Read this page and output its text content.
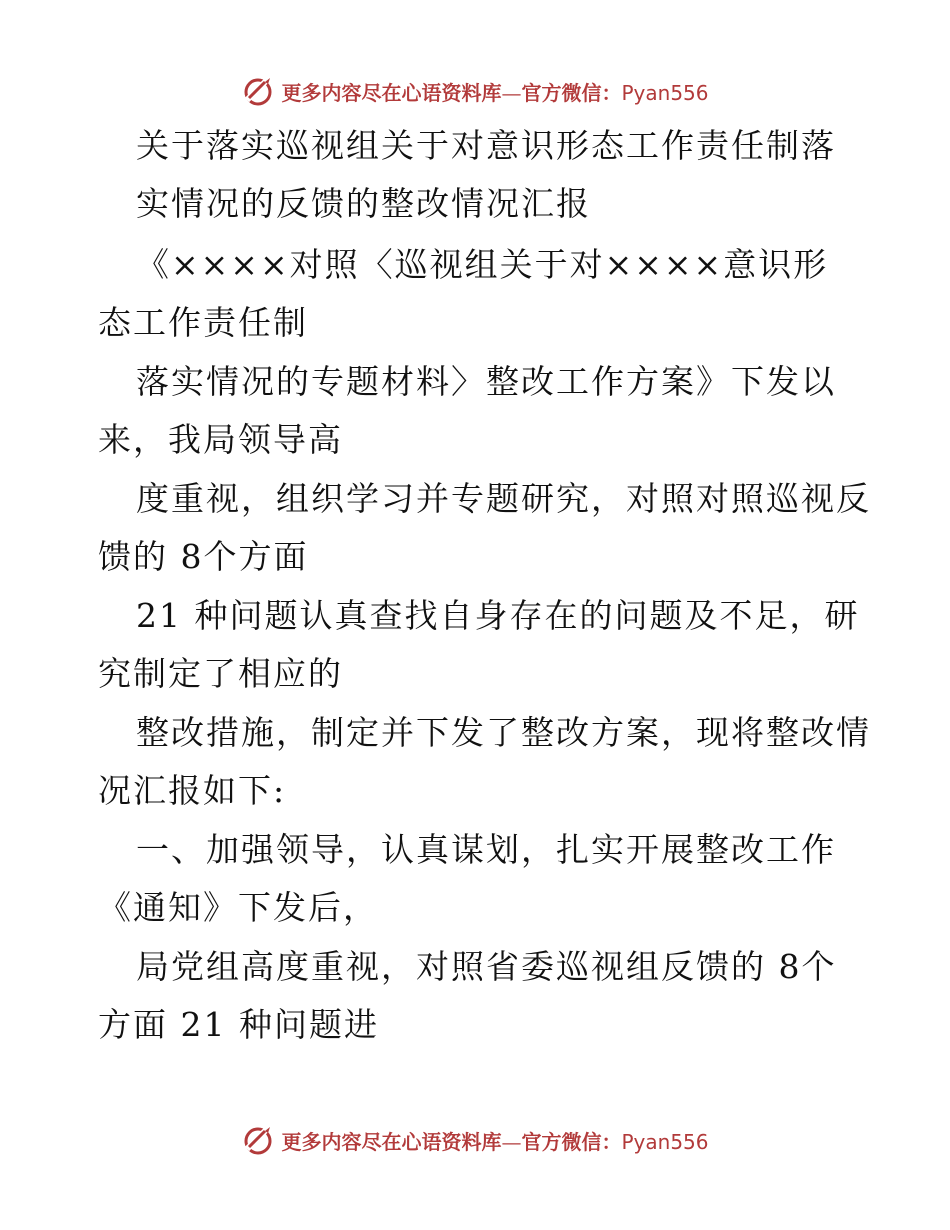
更多内容尽在心语资料库—官方微信：Pyan556
关于落实巡视组关于对意识形态工作责任制落
实情况的反馈的整改情况汇报
《××××对照〈巡视组关于对××××意识形
态工作责任制
落实情况的专题材料〉整改工作方案》下发以
来，我局领导高
度重视，组织学习并专题研究，对照对照巡视反
馈的 8个方面
21 种问题认真查找自身存在的问题及不足，研
究制定了相应的
整改措施，制定并下发了整改方案，现将整改情
况汇报如下:
一、加强领导，认真谋划，扎实开展整改工作
《通知》下发后，
局党组高度重视，对照省委巡视组反馈的 8个
方面 21 种问题进
更多内容尽在心语资料库—官方微信：Pyan556
